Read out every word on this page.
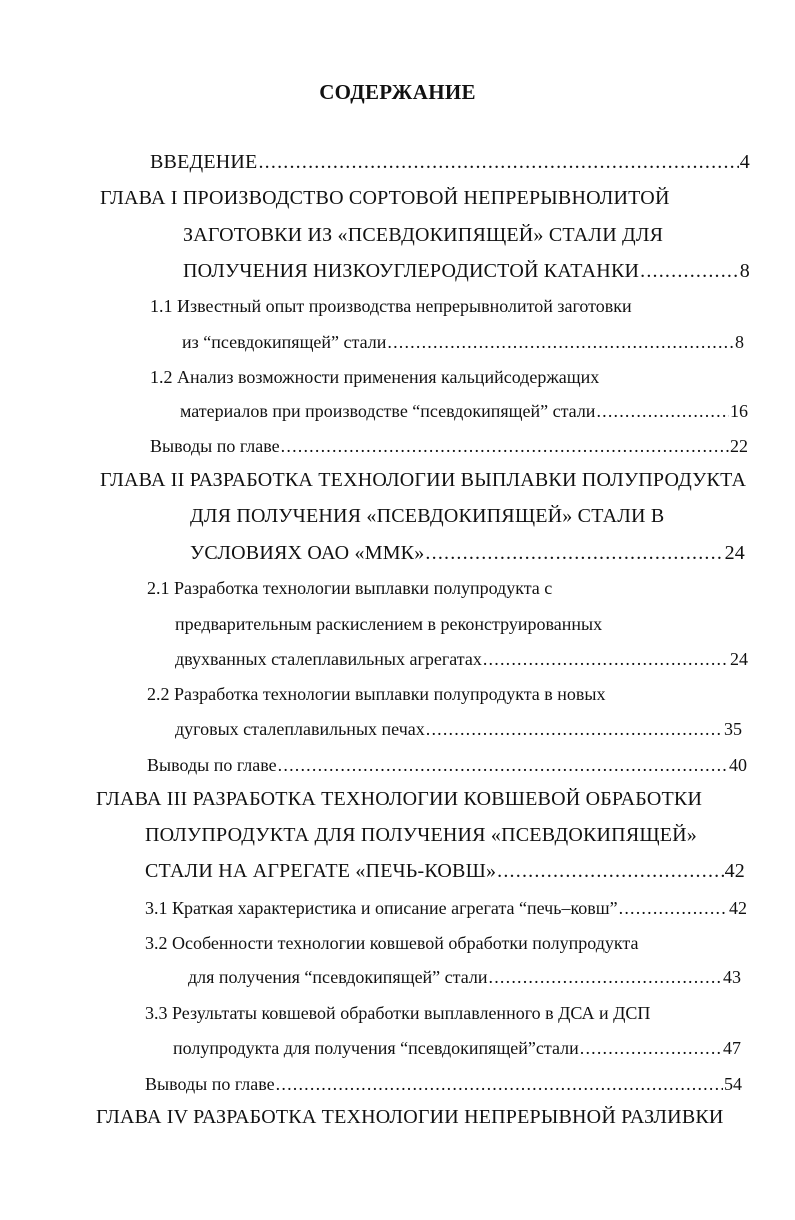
СОДЕРЖАНИЕ
ВВЕДЕНИЕ .....	4
ГЛАВА I ПРОИЗВОДСТВО СОРТОВОЙ НЕПРЕРЫВНОЛИТОЙ
ЗАГОТОВКИ ИЗ «ПСЕВДОКИПЯЩЕЙ» СТАЛИ ДЛЯ
ПОЛУЧЕНИЯ НИЗКОУГЛЕРОДИСТОЙ КАТАНКИ .....	8
1.1 Известный опыт производства непрерывнолитой заготовки
из “псевдокипящей” стали .....	8
1.2 Анализ возможности применения кальцийсодержащих
материалов при производстве “псевдокипящей” стали .....	16
Выводы по главе .....	22
ГЛАВА II РАЗРАБОТКА ТЕХНОЛОГИИ ВЫПЛАВКИ ПОЛУПРОДУКТА
ДЛЯ ПОЛУЧЕНИЯ «ПСЕВДОКИПЯЩЕЙ» СТАЛИ В
УСЛОВИЯХ ОАО «ММК» .....	24
2.1 Разработка технологии выплавки полупродукта с
предварительным раскислением в реконструированных
двухванных сталеплавильных агрегатах .....	24
2.2 Разработка технологии выплавки полупродукта в новых
дуговых сталеплавильных печах .....	35
Выводы по главе .....	40
ГЛАВА III РАЗРАБОТКА ТЕХНОЛОГИИ КОВШЕВОЙ ОБРАБОТКИ
ПОЛУПРОДУКТА ДЛЯ ПОЛУЧЕНИЯ «ПСЕВДОКИПЯЩЕЙ»
СТАЛИ НА АГРЕГАТЕ «ПЕЧЬ-КОВШ» .....	42
3.1 Краткая характеристика и описание агрегата “печь–ковш” .....	42
3.2 Особенности технологии ковшевой обработки полупродукта
для получения “псевдокипящей” стали .....	43
3.3 Результаты ковшевой обработки выплавленного в ДСА и ДСП
полупродукта для получения “псевдокипящей”стали .....	47
Выводы по главе .....	54
ГЛАВА IV РАЗРАБОТКА ТЕХНОЛОГИИ НЕПРЕРЫВНОЙ РАЗЛИВКИ
